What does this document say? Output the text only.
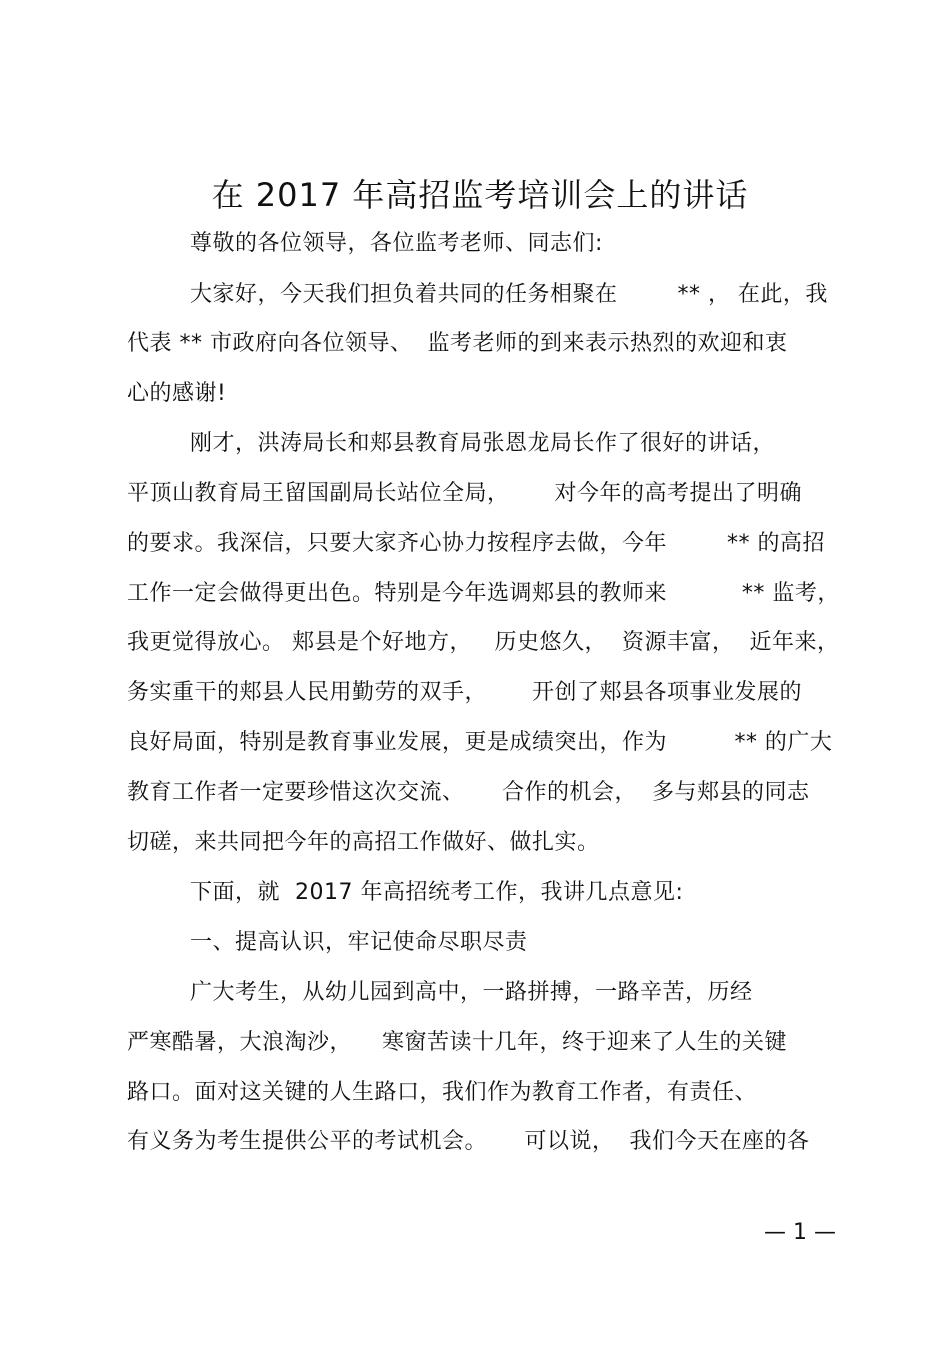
在 2017 年高招监考培训会上的讲话
尊敬的各位领导，各位监考老师、同志们:
大家好，今天我们担负着共同的任务相聚在        ** ， 在此，我
代表 ** 市政府向各位领导、  监考老师的到来表示热烈的欢迎和衷
心的感谢!
刚才，洪涛局长和郏县教育局张恩龙局长作了很好的讲话，
平顶山教育局王留国副局长站位全局，      对今年的高考提出了明确
的要求。我深信，只要大家齐心协力按程序去做，今年        ** 的高招
工作一定会做得更出色。特别是今年选调郏县的教师来          ** 监考，
我更觉得放心。 郏县是个好地方，   历史悠久，  资源丰富，  近年来，
务实重干的郏县人民用勤劳的双手，      开创了郏县各项事业发展的
良好局面，特别是教育事业发展，更是成绩突出，作为         ** 的广大
教育工作者一定要珍惜这次交流、     合作的机会，  多与郏县的同志
切磋，来共同把今年的高招工作做好、做扎实。
下面，就  2017 年高招统考工作，我讲几点意见:
一、提高认识，牢记使命尽职尽责
广大考生，从幼儿园到高中，一路拼搏，一路辛苦，历经
严寒酷暑，大浪淘沙，    寒窗苦读十几年，终于迎来了人生的关键
路口。面对这关键的人生路口，我们作为教育工作者，有责任、
有义务为考生提供公平的考试机会。     可以说，  我们今天在座的各
— 1 —
